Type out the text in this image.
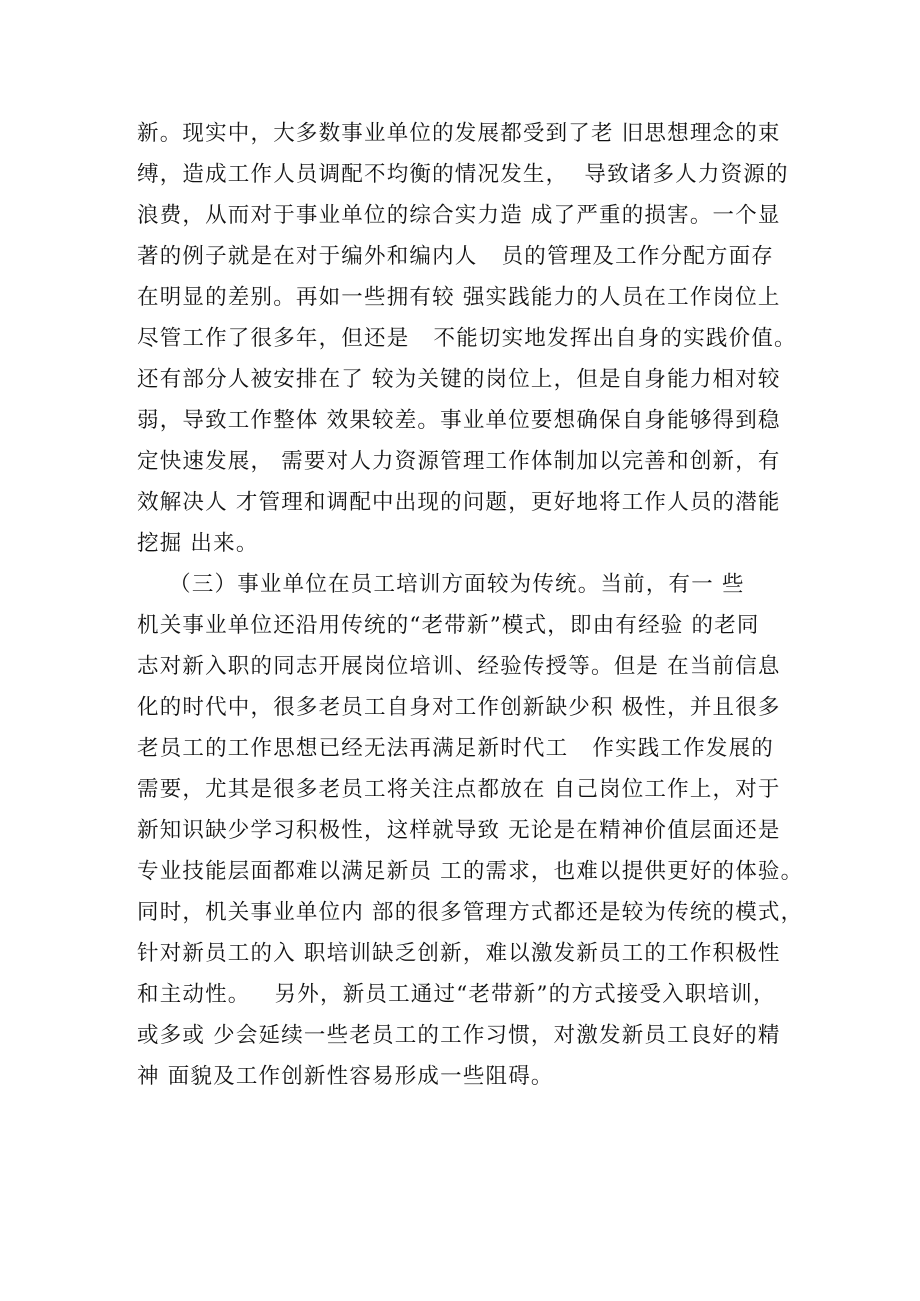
新。现实中，大多数事业单位的发展都受到了老 旧思想理念的束
缚，造成工作人员调配不均衡的情况发生，  导致诸多人力资源的
浪费，从而对于事业单位的综合实力造 成了严重的损害。一个显
著的例子就是在对于编外和编内人   员的管理及工作分配方面存
在明显的差别。再如一些拥有较 强实践能力的人员在工作岗位上
尽管工作了很多年，但还是   不能切实地发挥出自身的实践价值。
还有部分人被安排在了 较为关键的岗位上，但是自身能力相对较
弱，导致工作整体 效果较差。事业单位要想确保自身能够得到稳
定快速发展， 需要对人力资源管理工作体制加以完善和创新，有
效解决人 才管理和调配中出现的问题，更好地将工作人员的潜能
挖掘 出来。
（三）事业单位在员工培训方面较为传统。当前，有一 些
机关事业单位还沿用传统的“老带新”模式，即由有经验 的老同
志对新入职的同志开展岗位培训、经验传授等。但是 在当前信息
化的时代中，很多老员工自身对工作创新缺少积 极性，并且很多
老员工的工作思想已经无法再满足新时代工   作实践工作发展的
需要，尤其是很多老员工将关注点都放在 自己岗位工作上，对于
新知识缺少学习积极性，这样就导致 无论是在精神价值层面还是
专业技能层面都难以满足新员 工的需求，也难以提供更好的体验。
同时，机关事业单位内 部的很多管理方式都还是较为传统的模式，
针对新员工的入 职培训缺乏创新，难以激发新员工的工作积极性
和主动性。   另外，新员工通过“老带新”的方式接受入职培训，
或多或 少会延续一些老员工的工作习惯，对激发新员工良好的精
神 面貌及工作创新性容易形成一些阻碍。
